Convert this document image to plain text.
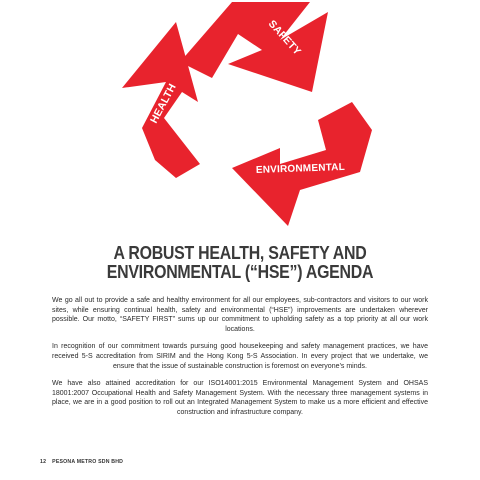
SAFETY
HEALTH
ENVIRONMENTAL
A ROBUST HEALTH, SAFETY AND
ENVIRONMENTAL (“HSE”) AGENDA

We go all out to provide a safe and healthy environment for all our employees, sub-contractors and visitors to our work sites, while ensuring continual health, safety and environmental (“HSE”) improvements are undertaken wherever possible. Our motto, “SAFETY FIRST” sums up our commitment to upholding safety as a top priority at all our work locations.

In recognition of our commitment towards pursuing good housekeeping and safety management practices, we have received 5-S accreditation from SIRIM and the Hong Kong 5-S Association. In every project that we undertake, we ensure that the issue of sustainable construction is foremost on everyone’s minds.

We have also attained accreditation for our ISO14001:2015 Environmental Management System and OHSAS 18001:2007 Occupational Health and Safety Management System. With the necessary three management systems in place, we are in a good position to roll out an Integrated Management System to make us a more efficient and effective construction and infrastructure company.

12 PESONA METRO SDN BHD
